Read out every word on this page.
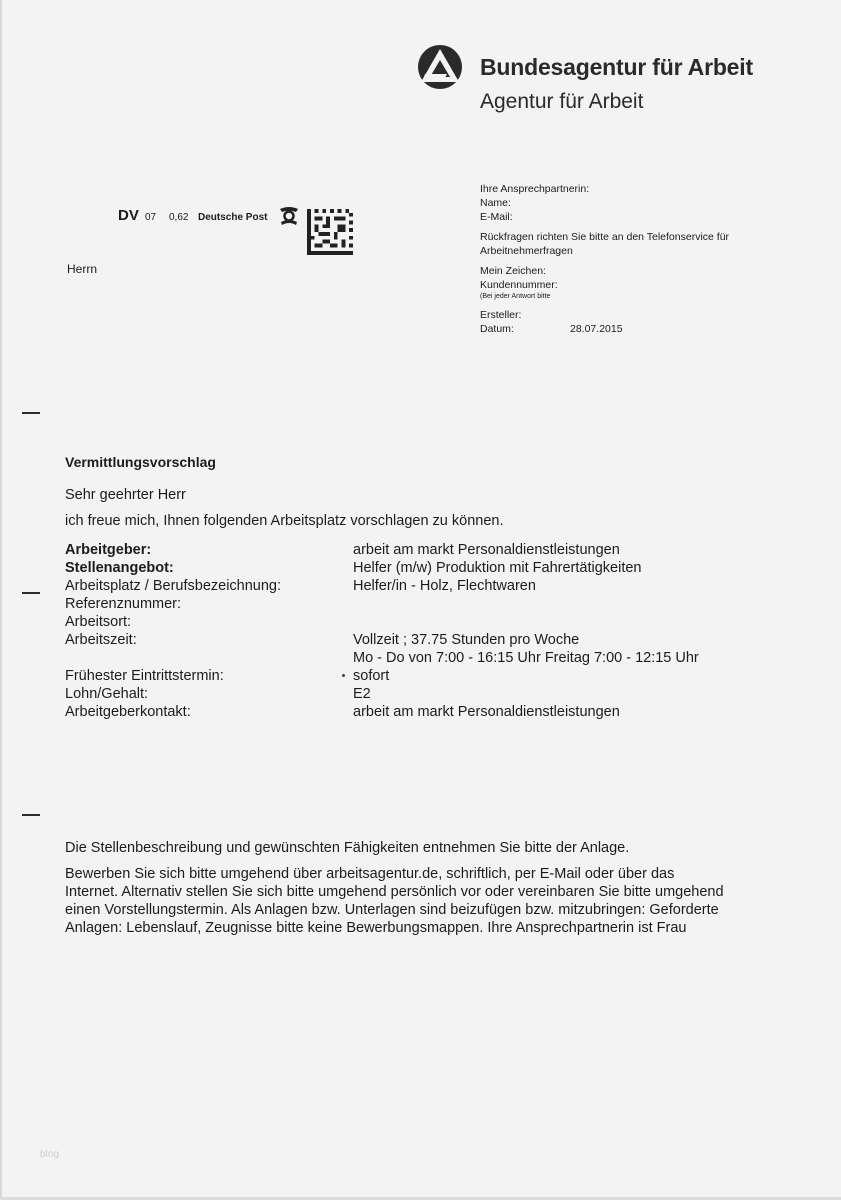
Bundesagentur für Arbeit
Agentur für Arbeit
DV 07 0,62 Deutsche Post
Herrn
Ihre Ansprechpartnerin:
Name:
E-Mail:
Rückfragen richten Sie bitte an den Telefonservice für
Arbeitnehmerfragen
Mein Zeichen:
Kundennummer:
(Bei jeder Antwort bitte
Ersteller:
Datum:	28.07.2015
Vermittlungsvorschlag
Sehr geehrter Herr
ich freue mich, Ihnen folgenden Arbeitsplatz vorschlagen zu können.
Arbeitgeber:	arbeit am markt Personaldienstleistungen
Stellenangebot:	Helfer (m/w) Produktion mit Fahrertätigkeiten
Arbeitsplatz / Berufsbezeichnung:	Helfer/in - Holz, Flechtwaren
Referenznummer:
Arbeitsort:
Arbeitszeit:	Vollzeit ; 37.75 Stunden pro Woche
Mo - Do von 7:00 - 16:15 Uhr Freitag 7:00 - 12:15 Uhr
Frühester Eintrittstermin:	sofort
Lohn/Gehalt:	E2
Arbeitgeberkontakt:	arbeit am markt Personaldienstleistungen
Die Stellenbeschreibung und gewünschten Fähigkeiten entnehmen Sie bitte der Anlage.
Bewerben Sie sich bitte umgehend über arbeitsagentur.de, schriftlich, per E-Mail oder über das
Internet. Alternativ stellen Sie sich bitte umgehend persönlich vor oder vereinbaren Sie bitte umgehend
einen Vorstellungstermin. Als Anlagen bzw. Unterlagen sind beizufügen bzw. mitzubringen: Geforderte
Anlagen: Lebenslauf, Zeugnisse bitte keine Bewerbungsmappen. Ihre Ansprechpartnerin ist Frau
blog
